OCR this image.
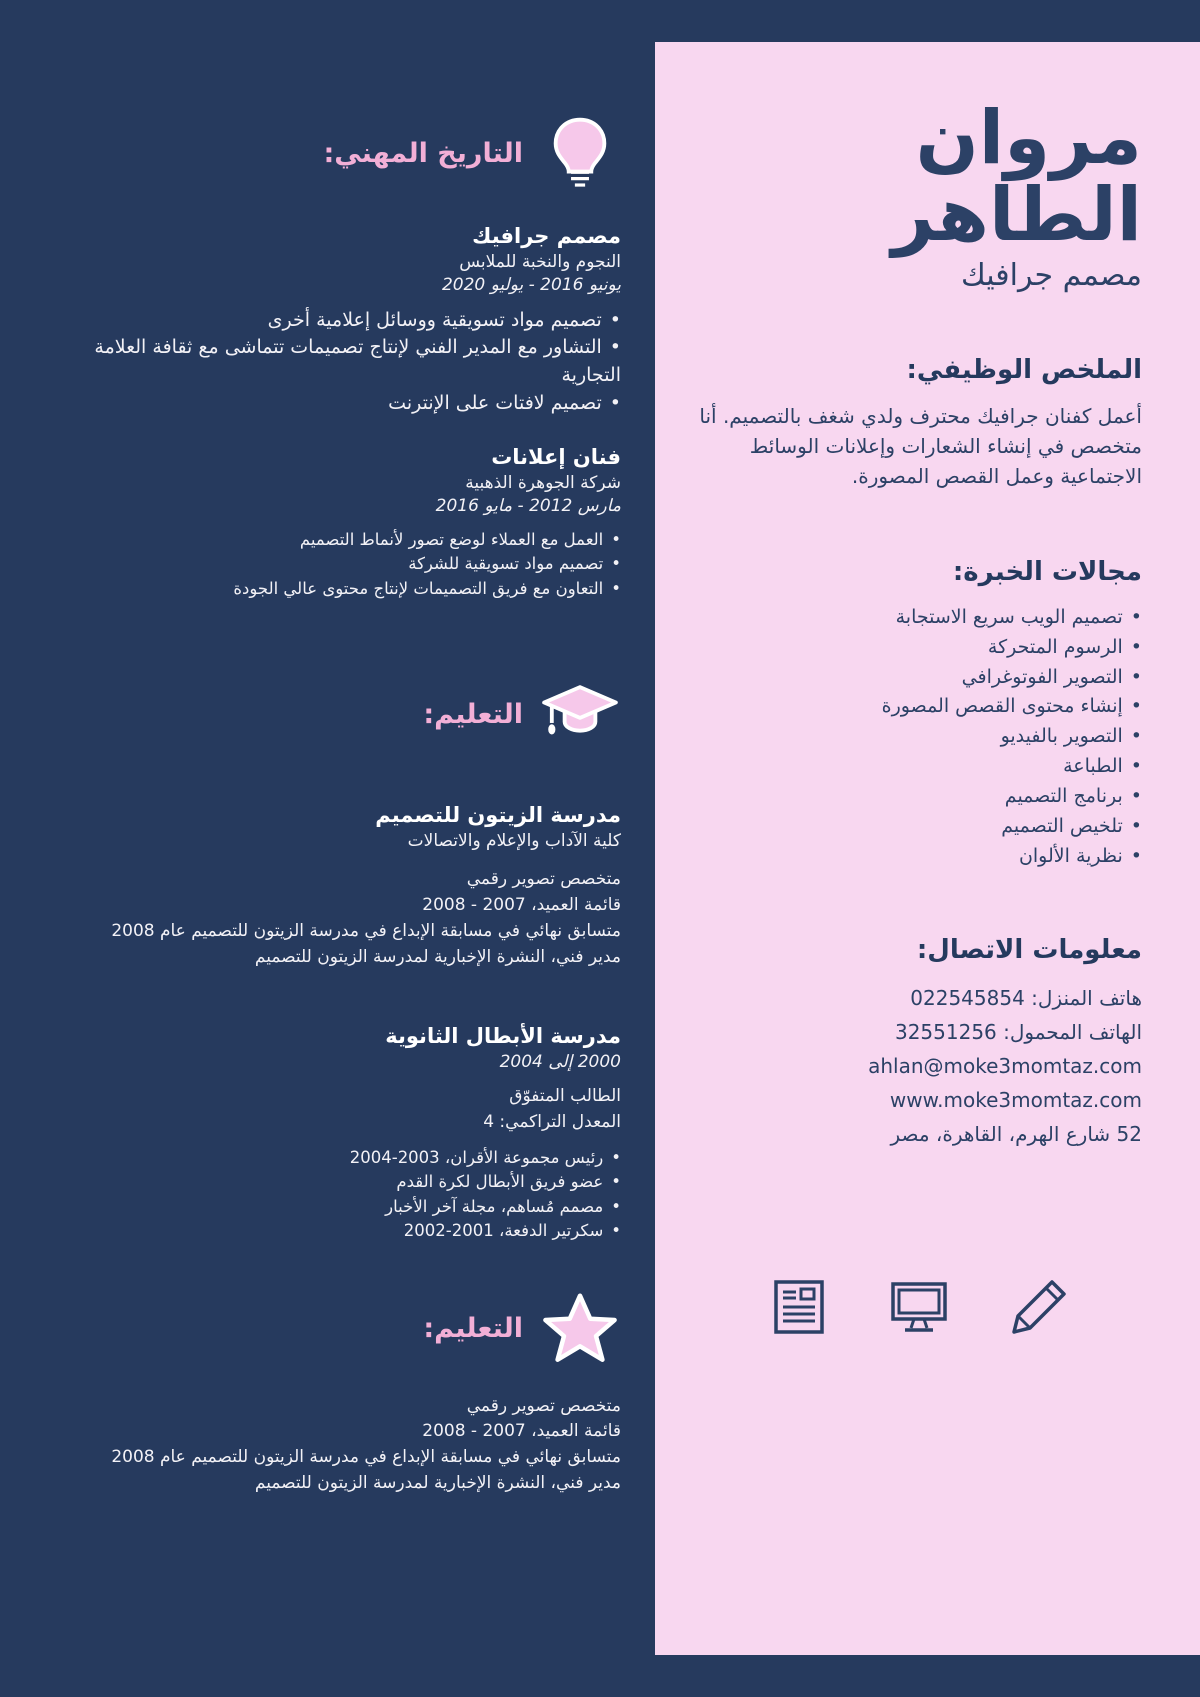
مروان
الطاهر
مصمم جرافيك
الملخص الوظيفي:

أعمل كفنان جرافيك محترف ولدي شغف بالتصميم. أنا متخصص في إنشاء الشعارات وإعلانات الوسائط الاجتماعية وعمل القصص المصورة.

مجالات الخبرة:
• تصميم الويب سريع الاستجابة
• الرسوم المتحركة
• التصوير الفوتوغرافي
• إنشاء محتوى القصص المصورة
• التصوير بالفيديو
• الطباعة
• برنامج التصميم
• تلخيص التصميم
• نظرية الألوان
معلومات الاتصال:
هاتف المنزل: 022545854
الهاتف المحمول: 32551256
ahlan@moke3momtaz.com
www.moke3momtaz.com
52 شارع الهرم، القاهرة، مصر
التاريخ المهني:
مصمم جرافيك
النجوم والنخبة للملابس
يونيو 2016 - يوليو 2020
• تصميم مواد تسويقية ووسائل إعلامية أخرى
• التشاور مع المدير الفني لإنتاج تصميمات تتماشى مع ثقافة العلامة التجارية
• تصميم لافتات على الإنترنت
فنان إعلانات
شركة الجوهرة الذهبية
مارس 2012 - مايو 2016
• العمل مع العملاء لوضع تصور لأنماط التصميم
• تصميم مواد تسويقية للشركة
• التعاون مع فريق التصميمات لإنتاج محتوى عالي الجودة
التعليم:
مدرسة الزيتون للتصميم
كلية الآداب والإعلام والاتصالات
متخصص تصوير رقمي
قائمة العميد، 2007 - 2008
متسابق نهائي في مسابقة الإبداع في مدرسة الزيتون للتصميم عام 2008
مدير فني، النشرة الإخبارية لمدرسة الزيتون للتصميم
مدرسة الأبطال الثانوية
2000 إلى 2004
الطالب المتفوّق
المعدل التراكمي: 4
• رئيس مجموعة الأقران، 2003-2004
• عضو فريق الأبطال لكرة القدم
• مصمم مُساهم، مجلة آخر الأخبار
• سكرتير الدفعة، 2001-2002
التعليم:
متخصص تصوير رقمي
قائمة العميد، 2007 - 2008
متسابق نهائي في مسابقة الإبداع في مدرسة الزيتون للتصميم عام 2008
مدير فني، النشرة الإخبارية لمدرسة الزيتون للتصميم
